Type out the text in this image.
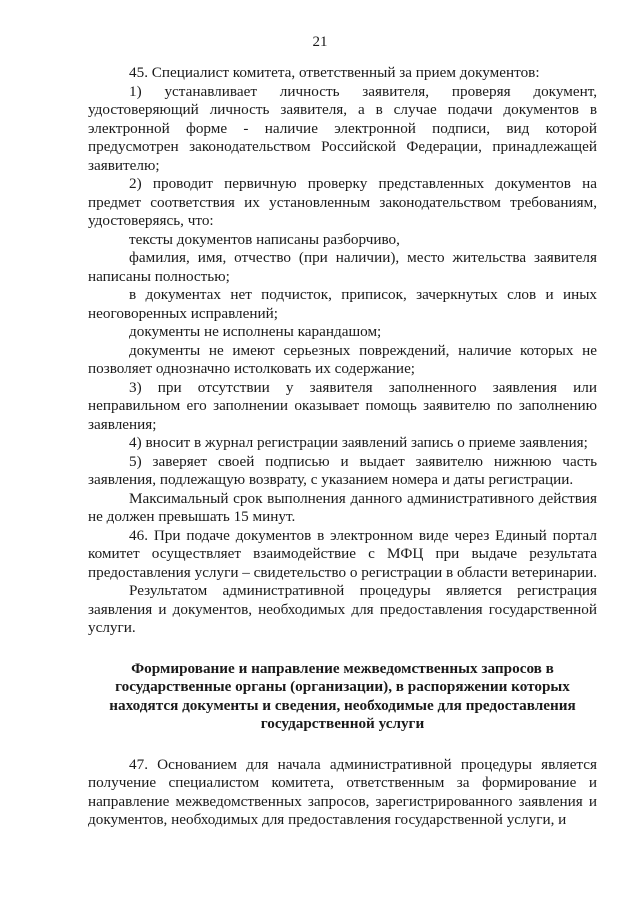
21

45. Специалист комитета, ответственный за прием документов:

1) устанавливает личность заявителя, проверяя документ, удостоверяющий личность заявителя, а в случае подачи документов в электронной форме - наличие электронной подписи, вид которой предусмотрен законодательством Российской Федерации, принадлежащей заявителю;

2) проводит первичную проверку представленных документов на предмет соответствия их установленным законодательством требованиям, удостоверяясь, что:

тексты документов написаны разборчиво,

фамилия, имя, отчество (при наличии), место жительства заявителя написаны полностью;

в документах нет подчисток, приписок, зачеркнутых слов и иных неоговоренных исправлений;

документы не исполнены карандашом;

документы не имеют серьезных повреждений, наличие которых не позволяет однозначно истолковать их содержание;

3) при отсутствии у заявителя заполненного заявления или неправильном его заполнении оказывает помощь заявителю по заполнению заявления;

4) вносит в журнал регистрации заявлений запись о приеме заявления;

5) заверяет своей подписью и выдает заявителю нижнюю часть заявления, подлежащую возврату, с указанием номера и даты регистрации.

Максимальный срок выполнения данного административного действия не должен превышать 15 минут.

46. При подаче документов в электронном виде через Единый портал комитет осуществляет взаимодействие с МФЦ при выдаче результата предоставления услуги – свидетельство о регистрации в области ветеринарии.

Результатом административной процедуры является регистрация заявления и документов, необходимых для предоставления государственной услуги.

Формирование и направление межведомственных запросов в государственные органы (организации), в распоряжении которых находятся документы и сведения, необходимые для предоставления государственной услуги

47. Основанием для начала административной процедуры является получение специалистом комитета, ответственным за формирование и направление межведомственных запросов, зарегистрированного заявления и документов, необходимых для предоставления государственной услуги, и
